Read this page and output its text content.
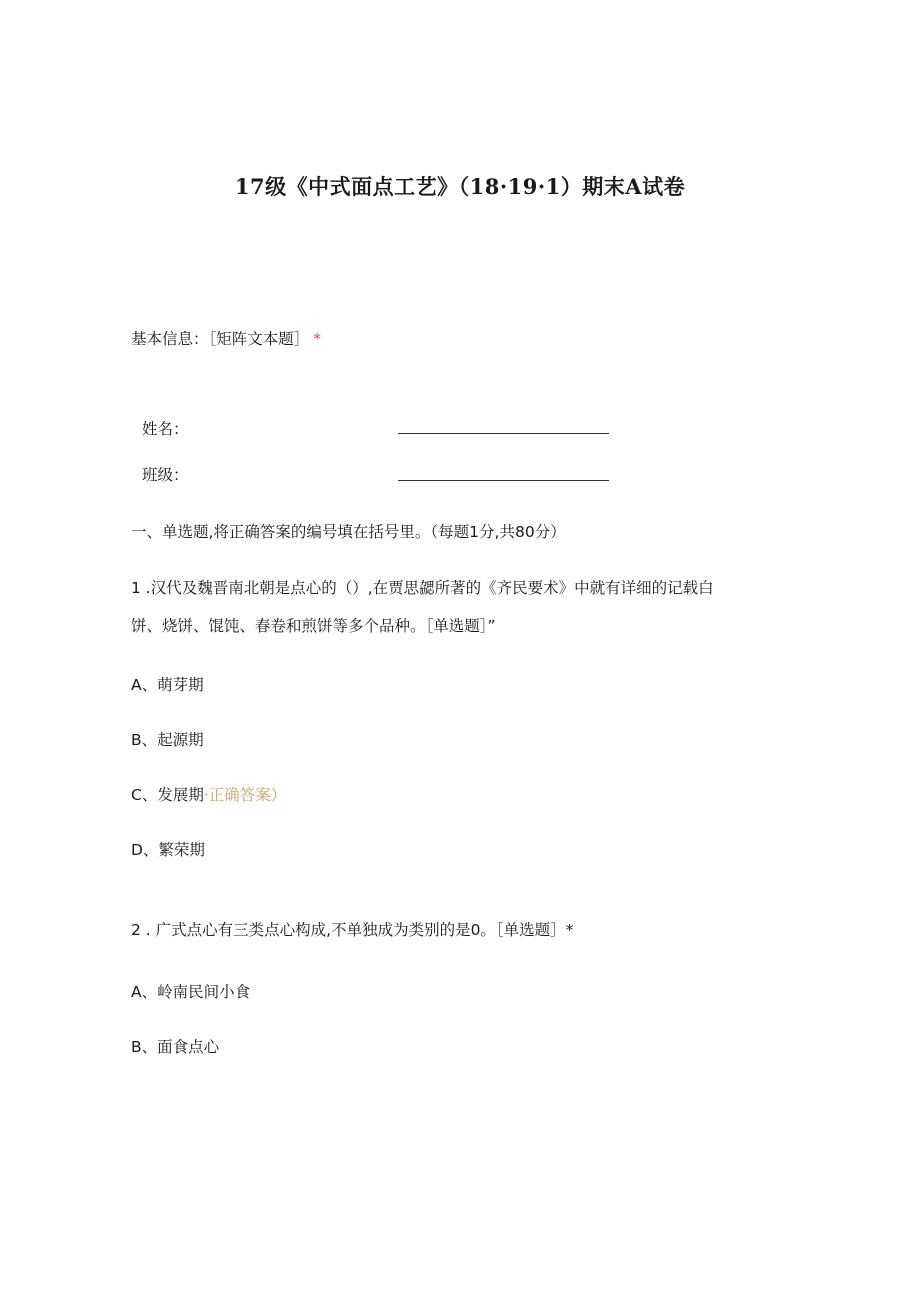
17级《中式面点工艺》（18·19·1）期末A试卷
基本信息：［矩阵文本题］ *
姓名：
班级：
一、单选题,将正确答案的编号填在括号里。（每题1分,共80分）
1 .汉代及魏晋南北朝是点心的（）,在贾思勰所著的《齐民要术》中就有详细的记载白
饼、烧饼、馄饨、春卷和煎饼等多个品种。［单选题］”
A、萌芽期
B、起源期
C、发展期·正确答案）
D、繁荣期
2 . 广式点心有三类点心构成,不单独成为类别的是0。［单选题］*
A、岭南民间小食
B、面食点心
